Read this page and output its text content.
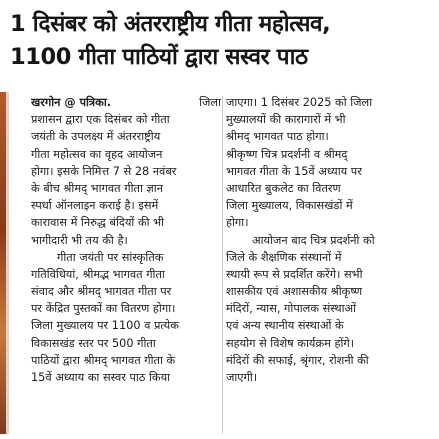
1 दिसंबर को अंतरराष्ट्रीय गीता महोत्सव,
1100 गीता पाठियों द्वारा सस्वर पाठ
खरगोन @ पत्रिका.	जिला
प्रशासन द्वारा एक दिसंबर को गीता
जयंती के उपलक्ष्य में अंतरराष्ट्रीय
गीता महोत्सव का वृहद आयोजन
होगा। इसके निमित्त 7 से 28 नवंबर
के बीच श्रीमद् भागवत गीता ज्ञान
स्पर्धा ऑनलाइन कराई है। इसमें
कारावास में निरुद्ध बंदियों की भी
भागीदारी भी तय की है।
गीता जयंती पर सांस्कृतिक
गतिविधियां, श्रीमद्भ भागवत गीता
संवाद और श्रीमद् भागवत गीता पर
पर केंद्रित पुस्तकों का वितरण होगा।
जिला मुख्यालय पर 1100 व प्रत्येक
विकासखंड स्तर पर 500 गीता
पाठियों द्वारा श्रीमद् भागवत गीता के
15वें अध्याय का सस्वर पाठ किया
जाएगा। 1 दिसंबर 2025 को जिला
मुख्यालयों की कारागारों में भी
श्रीमद् भागवत पाठ होगा।
श्रीकृष्ण चित्र प्रदर्शनी व श्रीमद्
भागवत गीता के 15वें अध्याय पर
आधारित बुकलेट का वितरण
जिला मुख्यालय, विकासखंडों में
होगा।
आयोजन बाद चित्र प्रदर्शनी को
जिले के शैक्षणिक संस्थानों में
स्थायी रूप से प्रदर्शित करेंगे। सभी
शासकीय एवं अशासकीय श्रीकृष्ण
मंदिरों, न्यास, गोपालक संस्थाओं
एवं अन्य स्थानीय संस्थाओं के
सहयोग से विशेष कार्यक्रम होंगे।
मंदिरों की सफाई, श्रृंगार, रोशनी की
जाएगी।
